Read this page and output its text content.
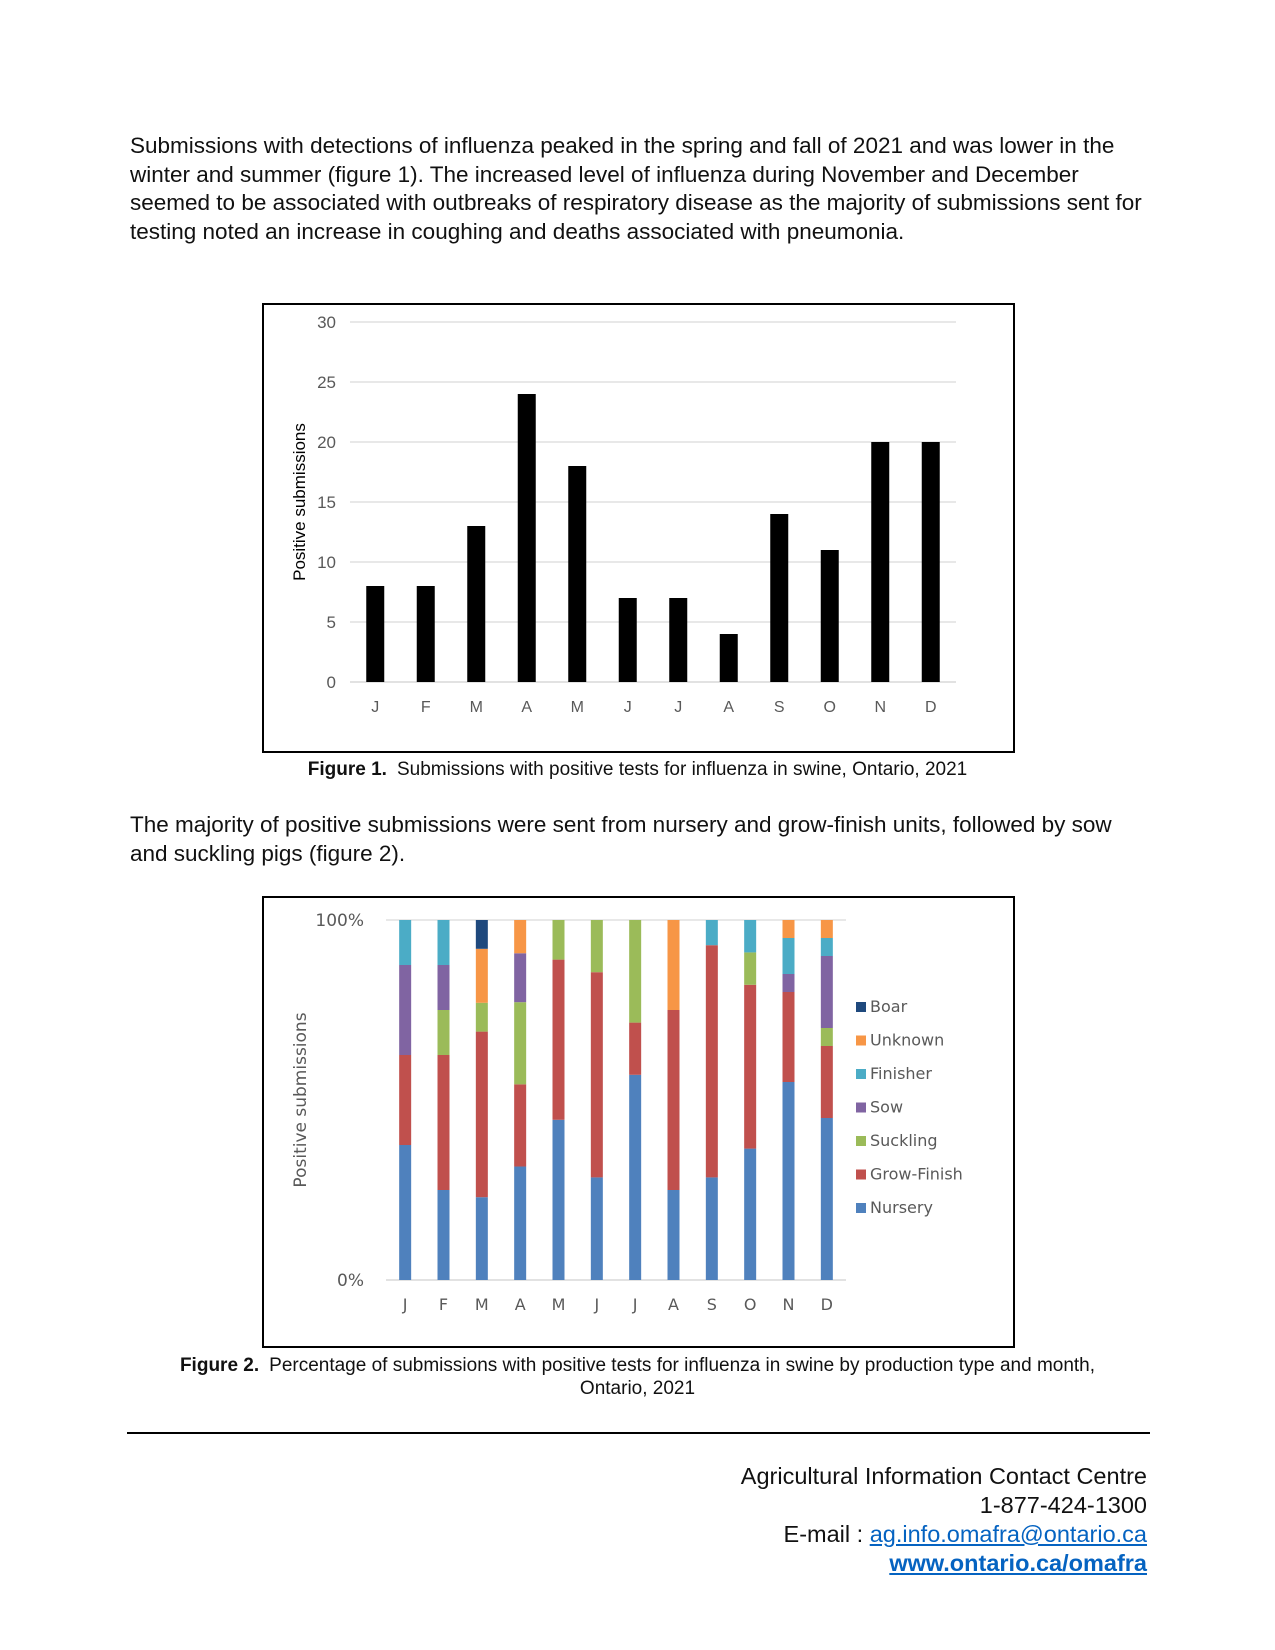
Submissions with detections of influenza peaked in the spring and fall of 2021 and was lower in the winter and summer (figure 1). The increased level of influenza during November and December seemed to be associated with outbreaks of respiratory disease as the majority of submissions sent for testing noted an increase in coughing and deaths associated with pneumonia.

0
5
10
15
20
25
30
J	F M A M J	J	A S O N D
Positive submissions
Figure 1. Submissions with positive tests for influenza in swine, Ontario, 2021

The majority of positive submissions were sent from nursery and grow-finish units, followed by sow and suckling pigs (figure 2).

100%
0%
J F M A M J J A S O N D
Positive submissions
Boar
Unknown
Finisher
Sow
Suckling
Grow-Finish
Nursery
Figure 2. Percentage of submissions with positive tests for influenza in swine by production type and month,
Ontario, 2021
Agricultural Information Contact Centre
1-877-424-1300
E-mail : ag.info.omafra@ontario.ca
www.ontario.ca/omafra
